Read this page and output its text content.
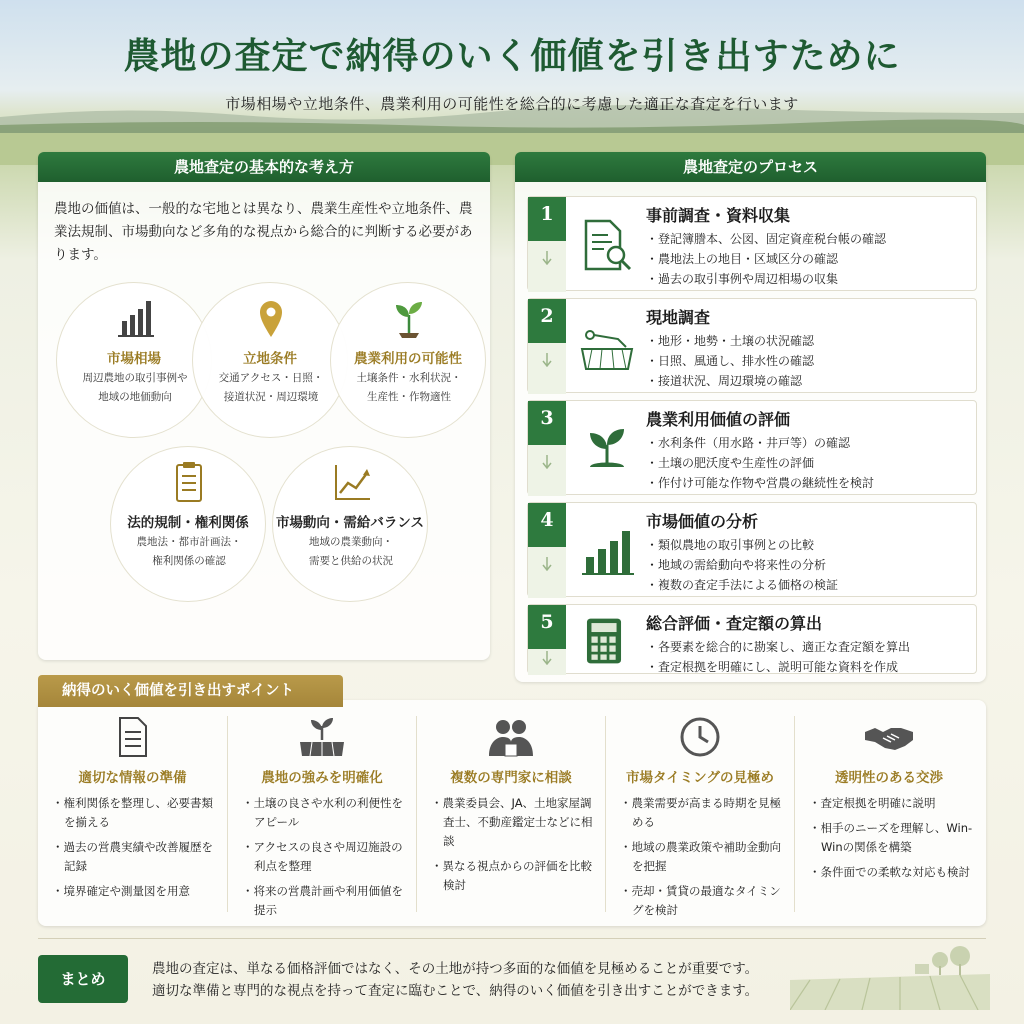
農地の査定で納得のいく価値を引き出すために
市場相場や立地条件、農業利用の可能性を総合的に考慮した適正な査定を行います
農地査定の基本的な考え方
農地の価値は、一般的な宅地とは異なり、農業生産性や立地条件、農業法規制、市場動向など多角的な視点から総合的に判断する必要があります。
市場相場
周辺農地の取引事例や
地域の地価動向
立地条件
交通アクセス・日照・
接道状況・周辺環境
農業利用の可能性
土壌条件・水利状況・
生産性・作物適性
法的規制・権利関係
農地法・都市計画法・
権利関係の確認
市場動向・需給バランス
地域の農業動向・
需要と供給の状況
農地査定のプロセス
1	事前調査・資料収集
・ 登記簿謄本、公図、固定資産税台帳の確認
・ 農地法上の地目・区域区分の確認
・ 過去の取引事例や周辺相場の収集
2	現地調査
・ 地形・地勢・土壌の状況確認
・ 日照、風通し、排水性の確認
・ 接道状況、周辺環境の確認
3	農業利用価値の評価
・ 水利条件（用水路・井戸等）の確認
・ 土壌の肥沃度や生産性の評価
・ 作付け可能な作物や営農の継続性を検討
4	市場価値の分析
・ 類似農地の取引事例との比較
・ 地域の需給動向や将来性の分析
・ 複数の査定手法による価格の検証
5	総合評価・査定額の算出
・ 各要素を総合的に勘案し、適正な査定額を算出
・ 査定根拠を明確にし、説明可能な資料を作成
適切な情報の準備
・ 権利関係を整理し、必要書類を揃える
・ 過去の営農実績や改善履歴を記録
・ 境界確定や測量図を用意
農地の強みを明確化
・ 土壌の良さや水利の利便性をアピール
・ アクセスの良さや周辺施設の利点を整理
・ 将来の営農計画や利用価値を提示
複数の専門家に相談
・ 農業委員会、JA、土地家屋調査士、不動産鑑定士などに相談
・ 異なる視点からの評価を比較検討
市場タイミングの見極め
・ 農業需要が高まる時期を見極める
・ 地域の農業政策や補助金動向を把握
・ 売却・賃貸の最適なタイミングを検討
透明性のある交渉
・ 査定根拠を明確に説明
・ 相手のニーズを理解し、Win-Winの関係を構築
・ 条件面での柔軟な対応も検討
納得のいく価値を引き出すポイント
まとめ
農地の査定は、単なる価格評価ではなく、その土地が持つ多面的な価値を見極めることが重要です。
適切な準備と専門的な視点を持って査定に臨むことで、納得のいく価値を引き出すことができます。
